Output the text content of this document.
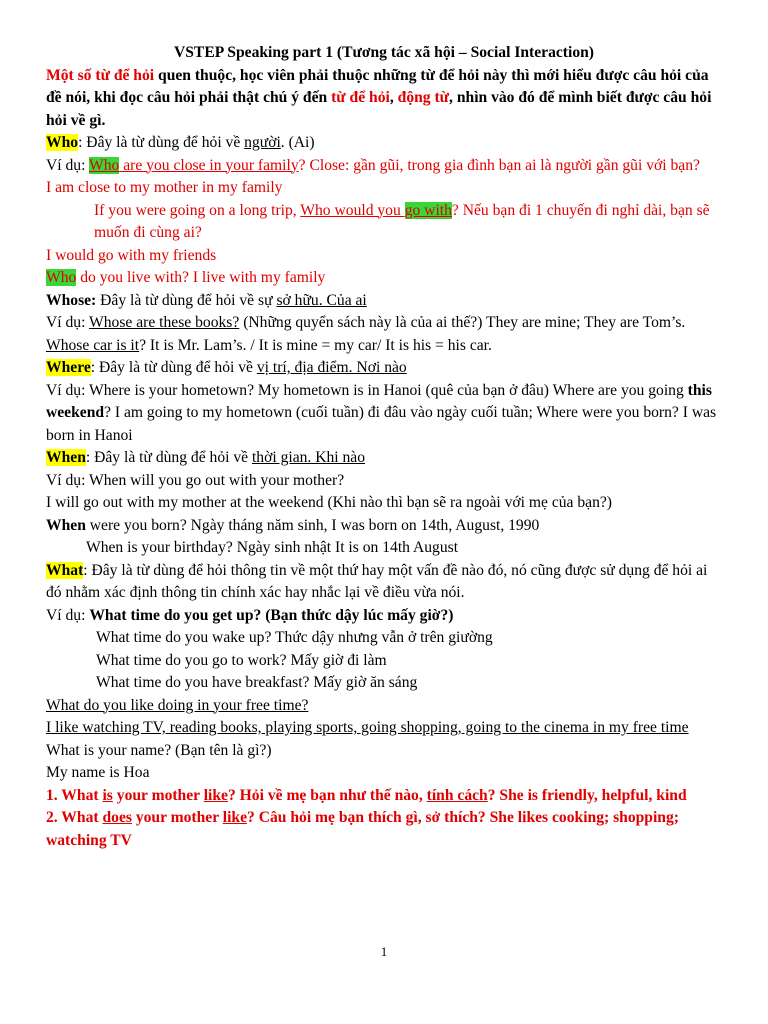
VSTEP Speaking part 1 (Tương tác xã hội – Social Interaction)

Một số từ để hỏi quen thuộc, học viên phải thuộc những từ để hỏi này thì mới hiểu được câu hỏi của đề nói, khi đọc câu hỏi phải thật chú ý đến từ để hỏi, động từ, nhìn vào đó để mình biết được câu hỏi hỏi về gì.

Who: Đây là từ dùng để hỏi về người. (Ai)

Ví dụ: Who are you close in your family? Close: gần gũi, trong gia đình bạn ai là người gần gũi với bạn?

I am close to my mother in my family

If you were going on a long trip, Who would you go with? Nếu bạn đi 1 chuyến đi nghỉ dài, bạn sẽ muốn đi cùng ai?

I would go with my friends

Who do you live with? I live with my family

Whose: Đây là từ dùng để hỏi về sự sở hữu. Của ai

Ví dụ: Whose are these books? (Những quyển sách này là của ai thế?) They are mine; They are Tom’s.

Whose car is it? It is Mr. Lam’s. / It is mine = my car/ It is his = his car.

Where: Đây là từ dùng để hỏi về vị trí, địa điểm. Nơi nào

Ví dụ: Where is your hometown? My hometown is in Hanoi (quê của bạn ở đâu) Where are you going this weekend? I am going to my hometown (cuối tuần) đi đâu vào ngày cuối tuần; Where were you born? I was born in Hanoi

When: Đây là từ dùng để hỏi về thời gian. Khi nào

Ví dụ: When will you go out with your mother?

I will go out with my mother at the weekend (Khi nào thì bạn sẽ ra ngoài với mẹ của bạn?)

When were you born? Ngày tháng năm sinh, I was born on 14th, August, 1990

When is your birthday? Ngày sinh nhật It is on 14th August

What: Đây là từ dùng để hỏi thông tin về một thứ hay một vấn đề nào đó, nó cũng được sử dụng để hỏi ai đó nhằm xác định thông tin chính xác hay nhắc lại về điều vừa nói.

Ví dụ: What time do you get up? (Bạn thức dậy lúc mấy giờ?)

What time do you wake up? Thức dậy nhưng vẫn ở trên giường

What time do you go to work? Mấy giờ đi làm

What time do you have breakfast? Mấy giờ ăn sáng

What do you like doing in your free time?

I like watching TV, reading books, playing sports, going shopping, going to the cinema in my free time

What is your name? (Bạn tên là gì?)

My name is Hoa

1. What is your mother like? Hỏi về mẹ bạn như thế nào, tính cách? She is friendly, helpful, kind

2. What does your mother like? Câu hỏi mẹ bạn thích gì, sở thích? She likes cooking; shopping; watching TV

1
